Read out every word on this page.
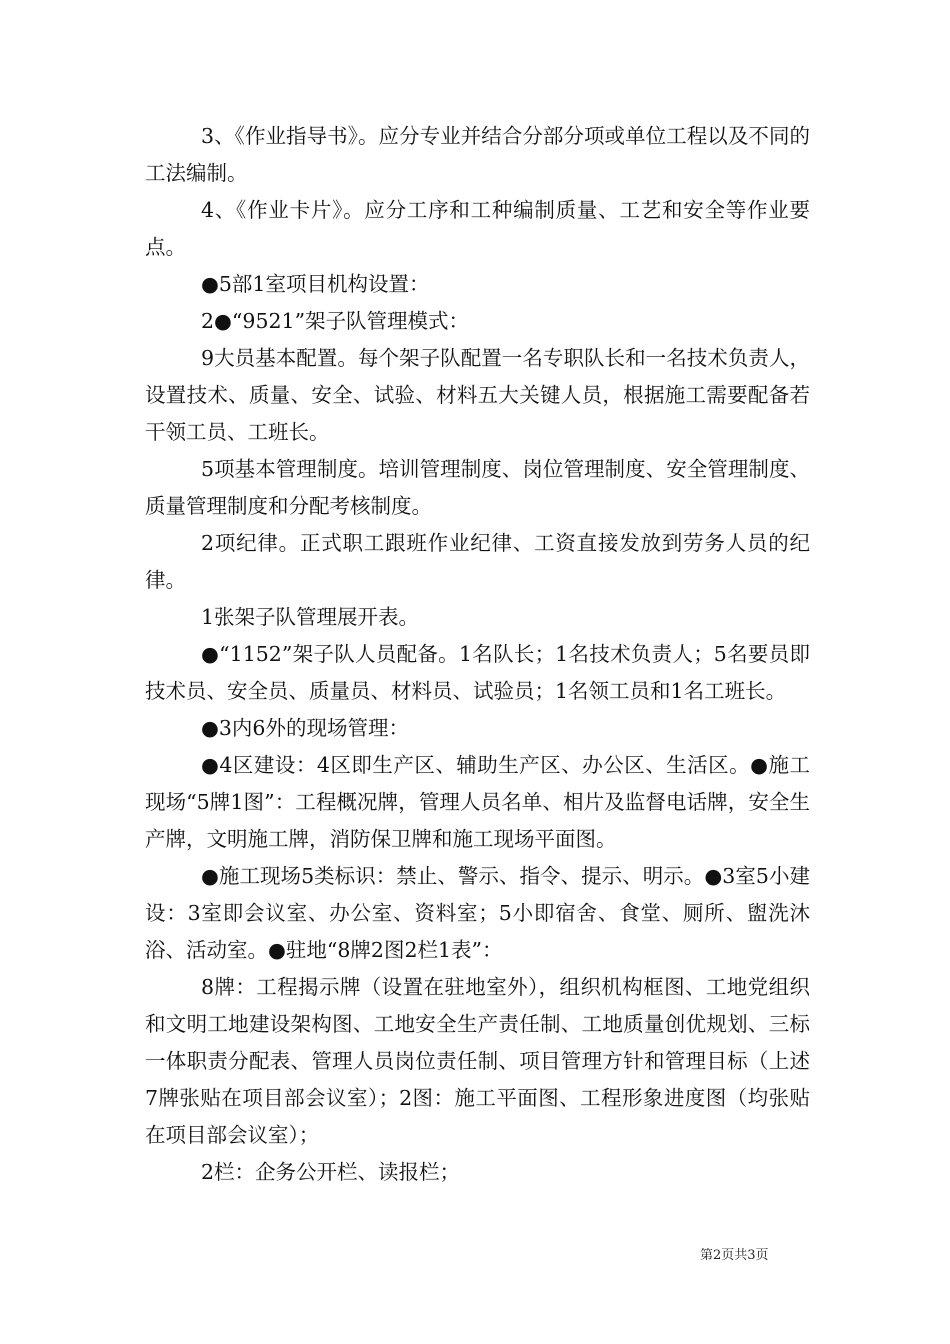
3、《作业指导书》。应分专业并结合分部分项或单位工程以及不同的工法编制。

4、《作业卡片》。应分工序和工种编制质量、工艺和安全等作业要点。

●5部1室项目机构设置：

2●“9521”架子队管理模式：

9大员基本配置。每个架子队配置一名专职队长和一名技术负责人，设置技术、质量、安全、试验、材料五大关键人员，根据施工需要配备若干领工员、工班长。

5项基本管理制度。培训管理制度、岗位管理制度、安全管理制度、质量管理制度和分配考核制度。

2项纪律。正式职工跟班作业纪律、工资直接发放到劳务人员的纪律。

1张架子队管理展开表。

●“1152”架子队人员配备。1名队长；1名技术负责人；5名要员即技术员、安全员、质量员、材料员、试验员；1名领工员和1名工班长。

●3内6外的现场管理：

●4区建设：4区即生产区、辅助生产区、办公区、生活区。●施工现场“5牌1图”：工程概况牌，管理人员名单、相片及监督电话牌，安全生产牌，文明施工牌，消防保卫牌和施工现场平面图。

●施工现场5类标识：禁止、警示、指令、提示、明示。●3室5小建设：3室即会议室、办公室、资料室；5小即宿舍、食堂、厕所、盥洗沐浴、活动室。●驻地“8牌2图2栏1表”：

8牌：工程揭示牌（设置在驻地室外），组织机构框图、工地党组织和文明工地建设架构图、工地安全生产责任制、工地质量创优规划、三标一体职责分配表、管理人员岗位责任制、项目管理方针和管理目标（上述7牌张贴在项目部会议室）；2图：施工平面图、工程形象进度图（均张贴在项目部会议室）；

2栏：企务公开栏、读报栏；

第2页共3页
